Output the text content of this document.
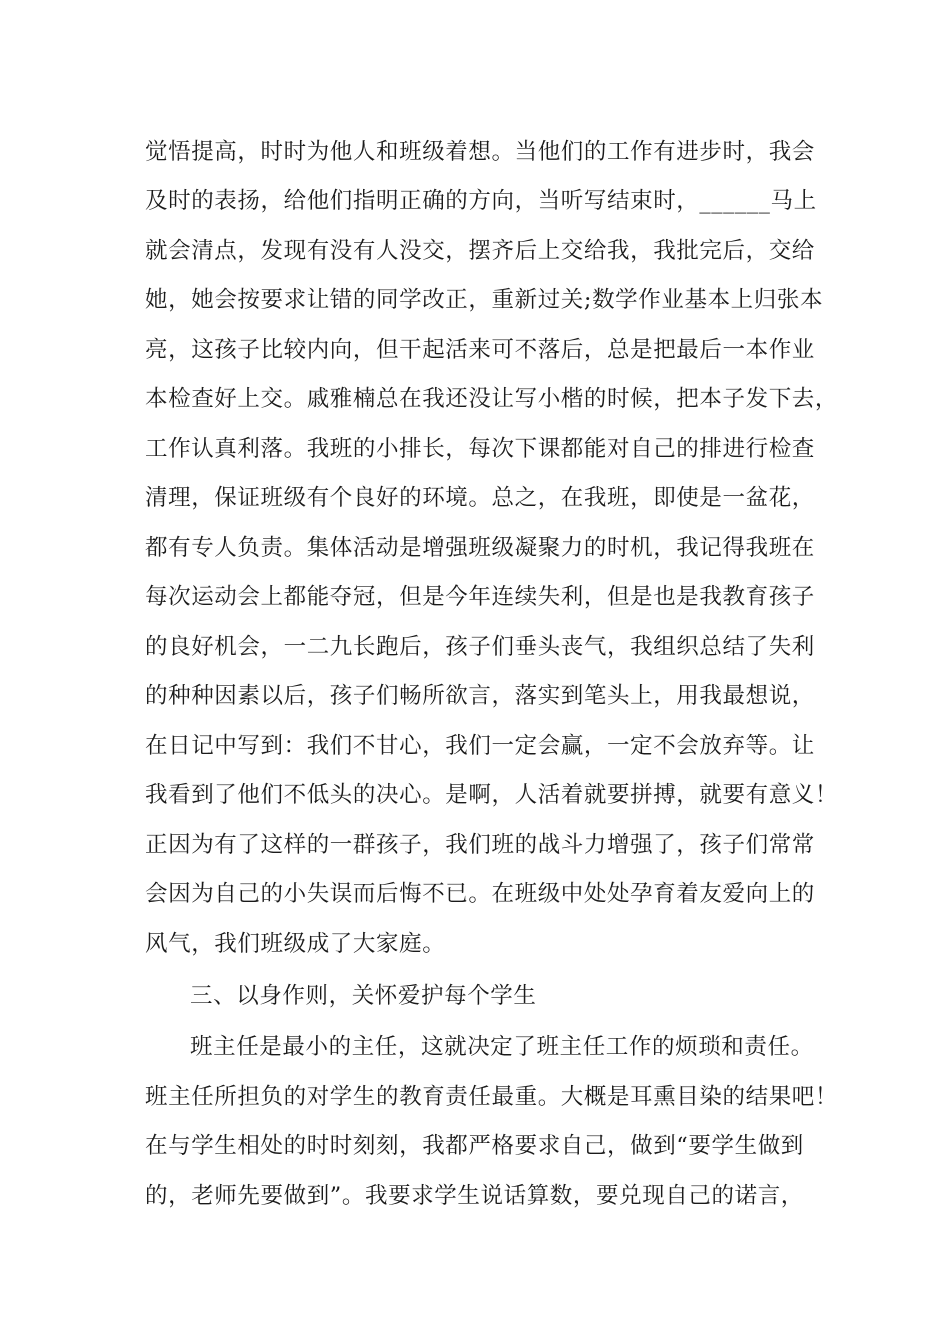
觉悟提高，时时为他人和班级着想。当他们的工作有进步时，我会
及时的表扬，给他们指明正确的方向，当听写结束时，______马上
就会清点，发现有没有人没交，摆齐后上交给我，我批完后，交给
她，她会按要求让错的同学改正，重新过关;数学作业基本上归张本
亮，这孩子比较内向，但干起活来可不落后，总是把最后一本作业
本检查好上交。戚雅楠总在我还没让写小楷的时候，把本子发下去，
工作认真利落。我班的小排长，每次下课都能对自己的排进行检查
清理，保证班级有个良好的环境。总之，在我班，即使是一盆花，
都有专人负责。集体活动是增强班级凝聚力的时机，我记得我班在
每次运动会上都能夺冠，但是今年连续失利，但是也是我教育孩子
的良好机会，一二九长跑后，孩子们垂头丧气，我组织总结了失利
的种种因素以后，孩子们畅所欲言，落实到笔头上，用我最想说，
在日记中写到：我们不甘心，我们一定会赢，一定不会放弃等。让
我看到了他们不低头的决心。是啊，人活着就要拼搏，就要有意义！
正因为有了这样的一群孩子，我们班的战斗力增强了，孩子们常常
会因为自己的小失误而后悔不已。在班级中处处孕育着友爱向上的
风气，我们班级成了大家庭。
三、以身作则，关怀爱护每个学生
班主任是最小的主任，这就决定了班主任工作的烦琐和责任。
班主任所担负的对学生的教育责任最重。大概是耳熏目染的结果吧！
在与学生相处的时时刻刻，我都严格要求自己，做到“要学生做到
的，老师先要做到”。我要求学生说话算数，要兑现自己的诺言，
